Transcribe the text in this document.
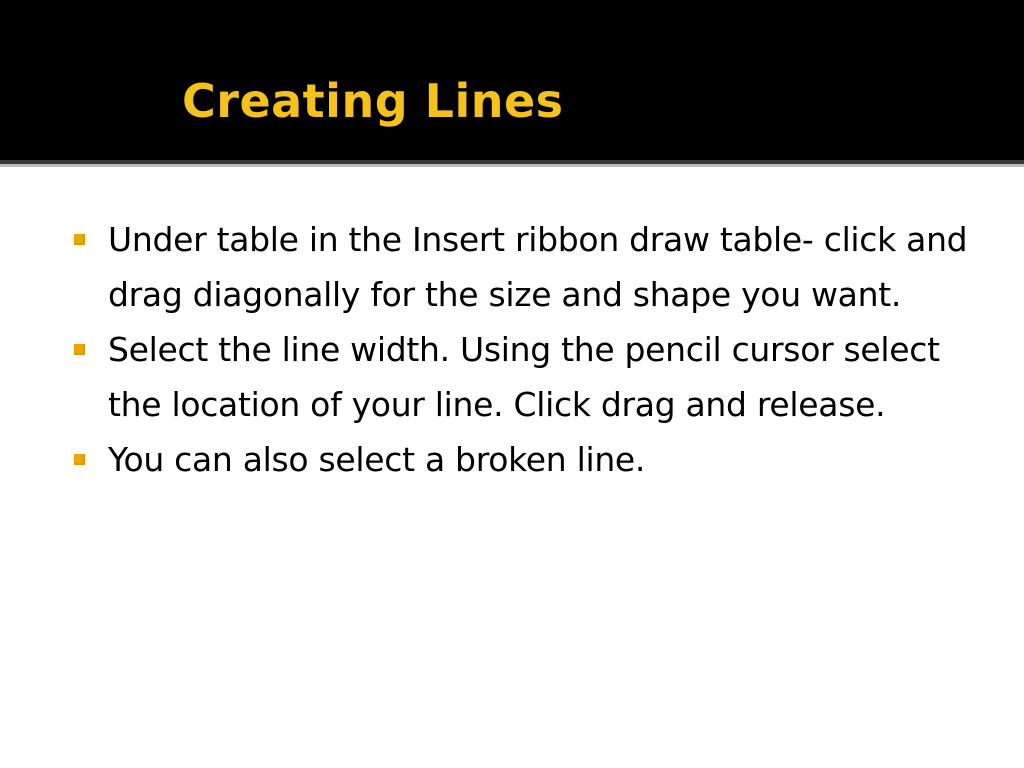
Creating Lines
Under table in the Insert ribbon draw table- click and drag diagonally for the size and shape you want.
Select the line width. Using the pencil cursor select the location of your line. Click drag and release.
You can also select a broken line.
